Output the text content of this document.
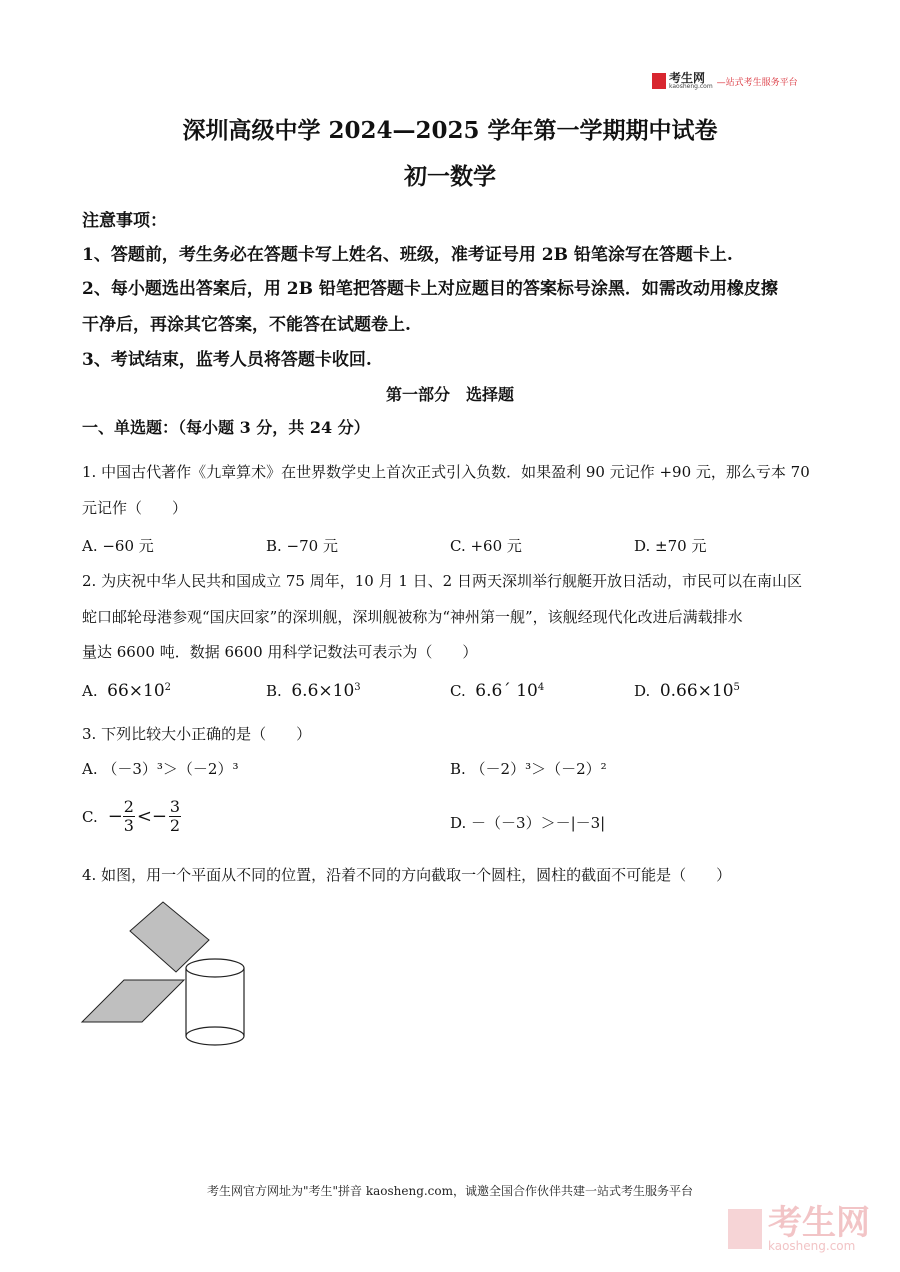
考生网
kaosheng.com —站式考生服务平台
深圳高级中学 2024—2025 学年第一学期期中试卷
初一数学
注意事项：
1、答题前，考生务必在答题卡写上姓名、班级，准考证号用 2B 铅笔涂写在答题卡上.
2、每小题选出答案后，用 2B 铅笔把答题卡上对应题目的答案标号涂黑．如需改动用橡皮擦
干净后，再涂其它答案，不能答在试题卷上.
3、考试结束，监考人员将答题卡收回.
第一部分　选择题
一、单选题：（每小题 3 分，共 24 分）
1. 中国古代著作《九章算术》在世界数学史上首次正式引入负数．如果盈利 90 元记作 +90 元，那么亏本 70
元记作（　　）
A. −60 元	B. −70 元	C. +60 元	D. ±70 元
2. 为庆祝中华人民共和国成立 75 周年，10 月 1 日、2 日两天深圳举行舰艇开放日活动，市民可以在南山区
蛇口邮轮母港参观“国庆回家”的深圳舰，深圳舰被称为“神州第一舰”，该舰经现代化改进后满载排水
量达 6600 吨．数据 6600 用科学记数法可表示为（　　）
A. $66\times 10^2$	B. $6.6\times 10^3$	C. 6.6´ $10^4$	D. $0.66\times 10^5$
3. 下列比较大小正确的是（　　）
A. （－3）³＞（－2）³	B. （－2）³＞（－2）²
C. − $\frac{2}{3} <- \frac{3}{2}$	D. －（－3）＞－|－3|
4. 如图，用一个平面从不同的位置，沿着不同的方向截取一个圆柱，圆柱的截面不可能是（　　）
考生网官方网址为"考生"拼音 kaosheng.com，诚邀全国合作伙伴共建一站式考生服务平台
考生网
kaosheng.com
